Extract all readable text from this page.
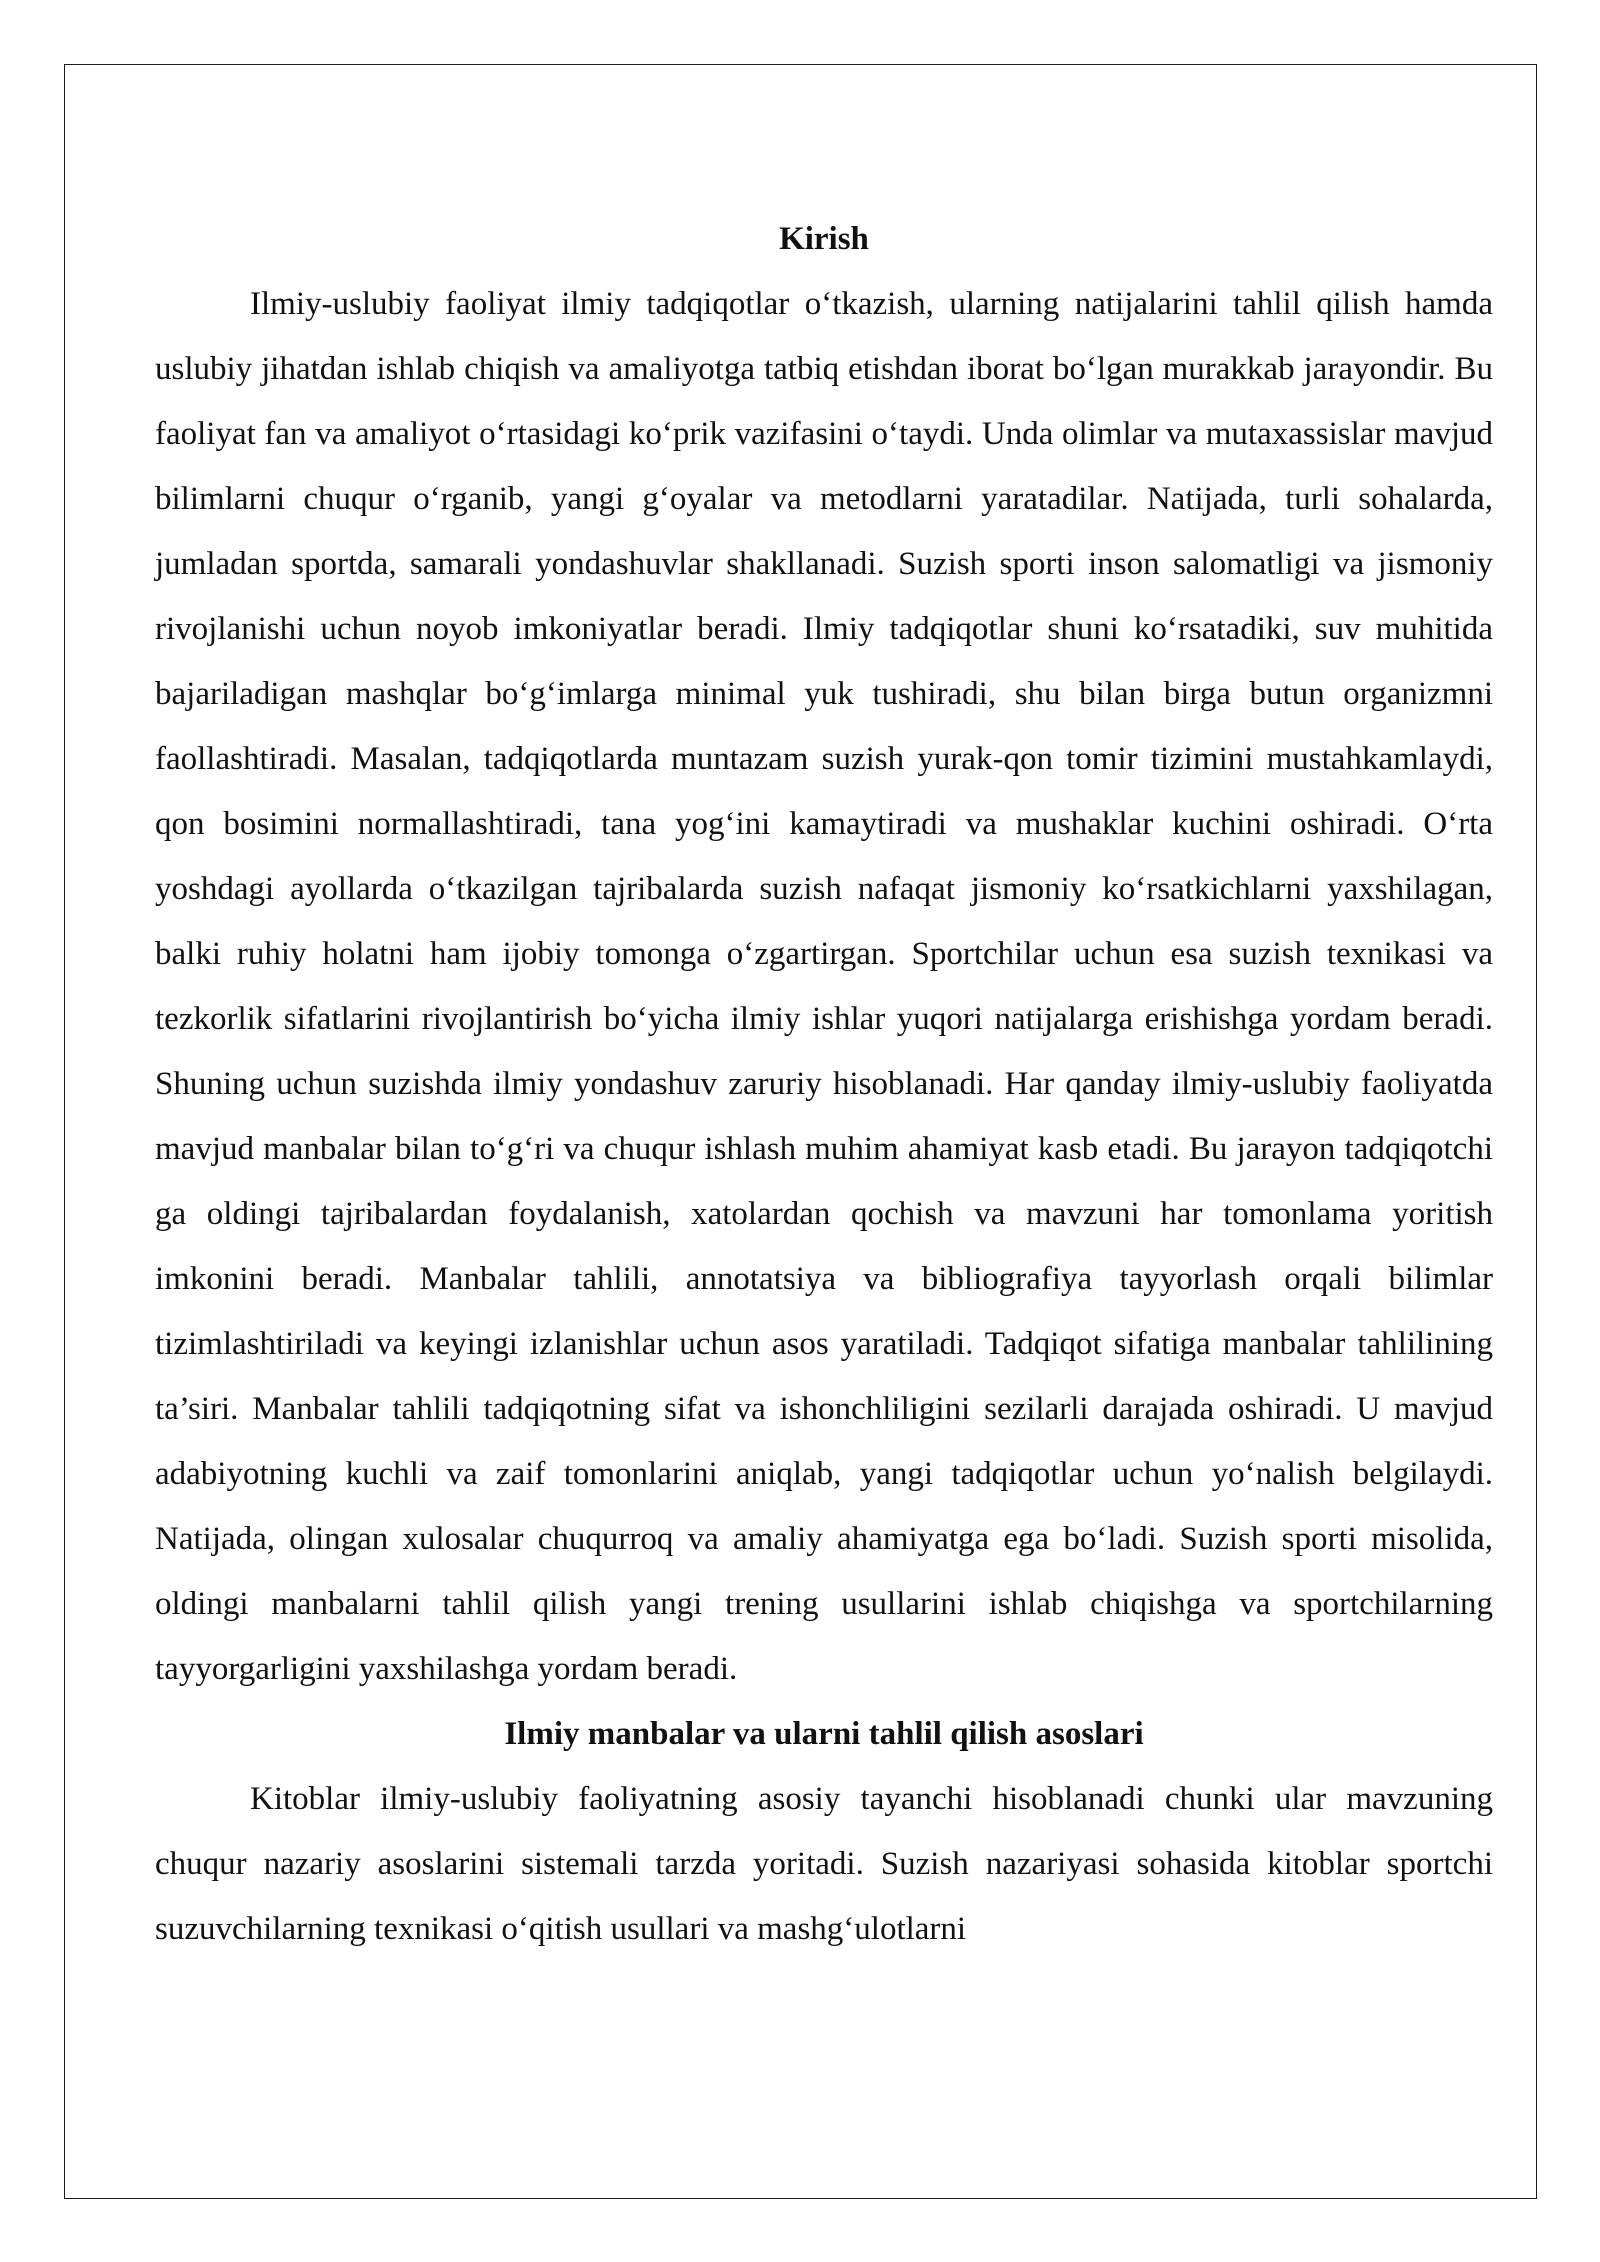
Kirish

Ilmiy-uslubiy faoliyat ilmiy tadqiqotlar o‘tkazish, ularning natijalarini tahlil qilish hamda uslubiy jihatdan ishlab chiqish va amaliyotga tatbiq etishdan iborat bo‘lgan murakkab jarayondir. Bu faoliyat fan va amaliyot o‘rtasidagi ko‘prik vazifasini o‘taydi. Unda olimlar va mutaxassislar mavjud bilimlarni chuqur o‘rganib, yangi g‘oyalar va metodlarni yaratadilar. Natijada, turli sohalarda, jumladan sportda, samarali yondashuvlar shakllanadi. Suzish sporti inson salomatligi va jismoniy rivojlanishi uchun noyob imkoniyatlar beradi. Ilmiy tadqiqotlar shuni ko‘rsatadiki, suv muhitida bajariladigan mashqlar bo‘g‘imlarga minimal yuk tushiradi, shu bilan birga butun organizmni faollashtiradi. Masalan, tadqiqotlarda muntazam suzish yurak-qon tomir tizimini mustahkamlaydi, qon bosimini normallashtiradi, tana yog‘ini kamaytiradi va mushaklar kuchini oshiradi. O‘rta yoshdagi ayollarda o‘tkazilgan tajribalarda suzish nafaqat jismoniy ko‘rsatkichlarni yaxshilagan, balki ruhiy holatni ham ijobiy tomonga o‘zgartirgan. Sportchilar uchun esa suzish texnikasi va tezkorlik sifatlarini rivojlantirish bo‘yicha ilmiy ishlar yuqori natijalarga erishishga yordam beradi. Shuning uchun suzishda ilmiy yondashuv zaruriy hisoblanadi. Har qanday ilmiy-uslubiy faoliyatda mavjud manbalar bilan to‘g‘ri va chuqur ishlash muhim ahamiyat kasb etadi. Bu jarayon tadqiqotchi ga oldingi tajribalardan foydalanish, xatolardan qochish va mavzuni har tomonlama yoritish imkonini beradi. Manbalar tahlili, annotatsiya va bibliografiya tayyorlash orqali bilimlar tizimlashtiriladi va keyingi izlanishlar uchun asos yaratiladi. Tadqiqot sifatiga manbalar tahlilining ta’siri. Manbalar tahlili tadqiqotning sifat va ishonchliligini sezilarli darajada oshiradi. U mavjud adabiyotning kuchli va zaif tomonlarini aniqlab, yangi tadqiqotlar uchun yo‘nalish belgilaydi. Natijada, olingan xulosalar chuqurroq va amaliy ahamiyatga ega bo‘ladi. Suzish sporti misolida, oldingi manbalarni tahlil qilish yangi trening usullarini ishlab chiqishga va sportchilarning tayyorgarligini yaxshilashga yordam beradi.

Ilmiy manbalar va ularni tahlil qilish asoslari

Kitoblar ilmiy-uslubiy faoliyatning asosiy tayanchi hisoblanadi chunki ular mavzuning chuqur nazariy asoslarini sistemali tarzda yoritadi. Suzish nazariyasi sohasida kitoblar sportchi suzuvchilarning texnikasi o‘qitish usullari va mashg‘ulotlarni
